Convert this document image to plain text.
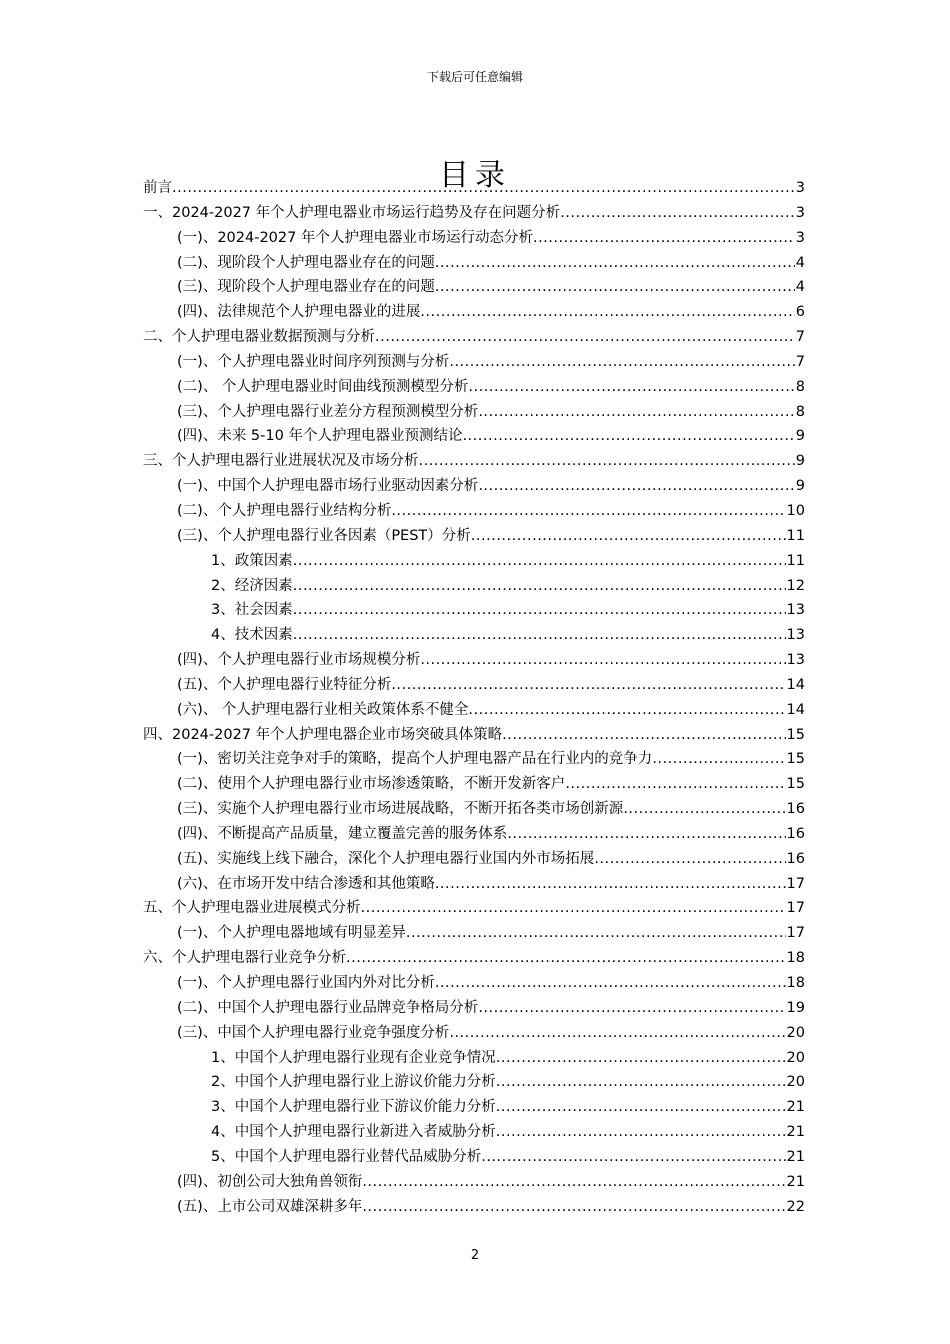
下载后可任意编辑
目录
前言 .....	3
一、2024-2027 年个人护理电器业市场运行趋势及存在问题分析 .....	3
(一)、2024-2027 年个人护理电器业市场运行动态分析 .....	3
(二)、现阶段个人护理电器业存在的问题 .....	4
(三)、现阶段个人护理电器业存在的问题 .....	4
(四)、法律规范个人护理电器业的进展 .....	6
二、个人护理电器业数据预测与分析 .....	7
(一)、个人护理电器业时间序列预测与分析 .....	7
(二)、 个人护理电器业时间曲线预测模型分析 .....	8
(三)、个人护理电器行业差分方程预测模型分析 .....	8
(四)、未来 5-10 年个人护理电器业预测结论 .....	9
三、个人护理电器行业进展状况及市场分析 .....	9
(一)、中国个人护理电器市场行业驱动因素分析 .....	9
(二)、个人护理电器行业结构分析 .....	10
(三)、个人护理电器行业各因素（PEST）分析 .....	11
1、政策因素 .....	11
2、经济因素 .....	12
3、社会因素 .....	13
4、技术因素 .....	13
(四)、个人护理电器行业市场规模分析 .....	13
(五)、个人护理电器行业特征分析 .....	14
(六)、 个人护理电器行业相关政策体系不健全 .....	14
四、2024-2027 年个人护理电器企业市场突破具体策略 .....	15
(一)、密切关注竞争对手的策略，提高个人护理电器产品在行业内的竞争力 .....	15
(二)、使用个人护理电器行业市场渗透策略，不断开发新客户 .....	15
(三)、实施个人护理电器行业市场进展战略，不断开拓各类市场创新源 .....	16
(四)、不断提高产品质量，建立覆盖完善的服务体系 .....	16
(五)、实施线上线下融合，深化个人护理电器行业国内外市场拓展 .....	16
(六)、在市场开发中结合渗透和其他策略 .....	17
五、个人护理电器业进展模式分析 .....	17
(一)、个人护理电器地域有明显差异 .....	17
六、个人护理电器行业竞争分析 .....	18
(一)、个人护理电器行业国内外对比分析 .....	18
(二)、中国个人护理电器行业品牌竞争格局分析 .....	19
(三)、中国个人护理电器行业竞争强度分析 .....	20
1、中国个人护理电器行业现有企业竞争情况 .....	20
2、中国个人护理电器行业上游议价能力分析 .....	20
3、中国个人护理电器行业下游议价能力分析 .....	21
4、中国个人护理电器行业新进入者威胁分析 .....	21
5、中国个人护理电器行业替代品威胁分析 .....	21
(四)、初创公司大独角兽领衔 .....	21
(五)、上市公司双雄深耕多年 .....	22
2
